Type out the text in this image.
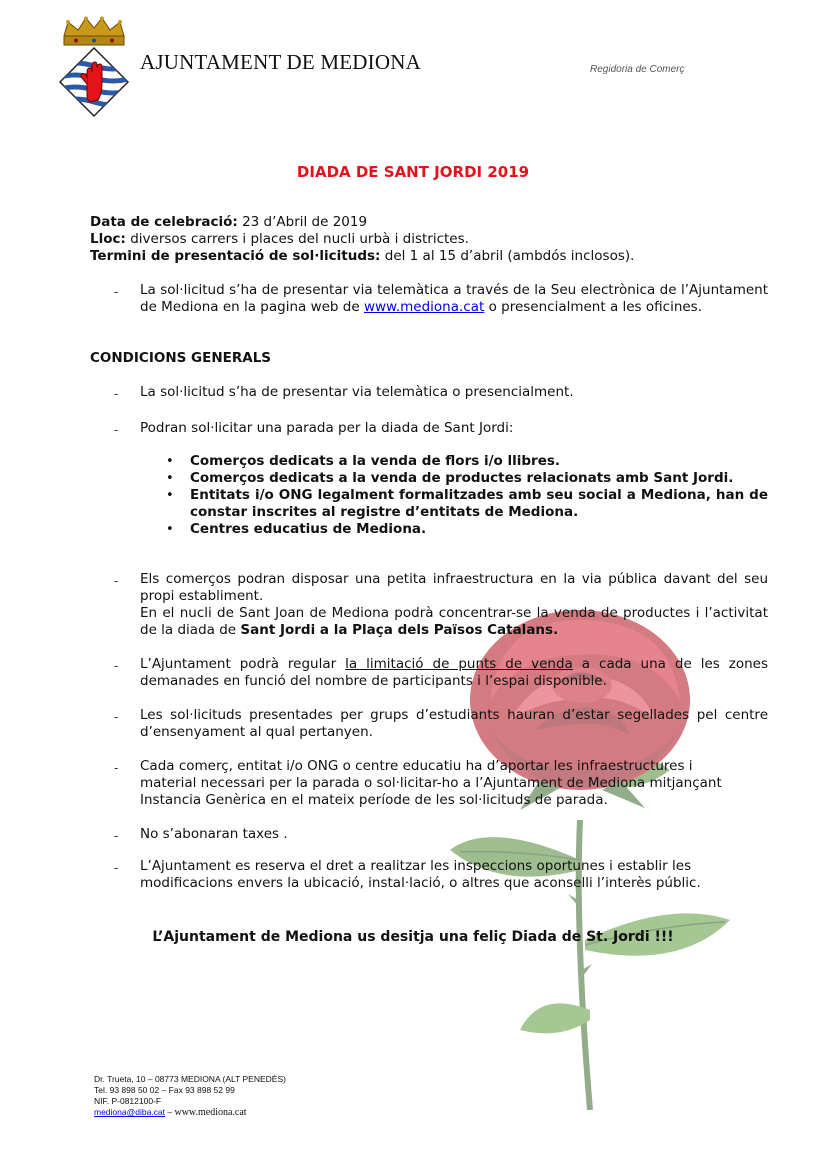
AJUNTAMENT DE MEDIONA	Regidoria de Comerç
DIADA DE SANT JORDI 2019
Data de celebració: 23 d’Abril de 2019
Lloc: diversos carrers i places del nucli urbà i districtes.
Termini de presentació de sol·licituds: del 1 al 15 d’abril (ambdós inclosos).
- La sol·licitud s’ha de presentar via telemàtica a través de la Seu electrònica de l’Ajuntament de Mediona en la pagina web de www.mediona.cat o presencialment a les oficines.
CONDICIONS GENERALS
- La sol·licitud s’ha de presentar via telemàtica o presencialment.
- Podran sol·licitar una parada per la diada de Sant Jordi:
• Comerços dedicats a la venda de flors i/o llibres.
• Comerços dedicats a la venda de productes relacionats amb Sant Jordi.
• Entitats i/o ONG legalment formalitzades amb seu social a Mediona, han de constar inscrites al registre d’entitats de Mediona.
• Centres educatius de Mediona.
- Els comerços podran disposar una petita infraestructura en la via pública davant del seu propi establiment.
En el nucli de Sant Joan de Mediona podrà concentrar-se la venda de productes i l’activitat de la diada de Sant Jordi a la Plaça dels Països Catalans.
- L’Ajuntament podrà regular la limitació de punts de venda a cada una de les zones demanades en funció del nombre de participants i l’espai disponible.
- Les sol·licituds presentades per grups d’estudiants hauran d’estar segellades pel centre d’ensenyament al qual pertanyen.
- Cada comerç, entitat i/o ONG o centre educatiu ha d’aportar les infraestructures i material necessari per la parada o sol·licitar-ho a l’Ajuntament de Mediona mitjançant Instancia Genèrica en el mateix període de les sol·licituds de parada.
- No s’abonaran taxes .
- L’Ajuntament es reserva el dret a realitzar les inspeccions oportunes i establir les modificacions envers la ubicació, instal·lació, o altres que aconselli l’interès públic.
L’Ajuntament de Mediona us desitja una feliç Diada de St. Jordi !!!
Dr. Trueta, 10 – 08773 MEDIONA (ALT PENEDÈS)
Tel. 93 898 50 02 – Fax 93 898 52 99
NIF. P-0812100-F
mediona@diba.cat – www.mediona.cat
